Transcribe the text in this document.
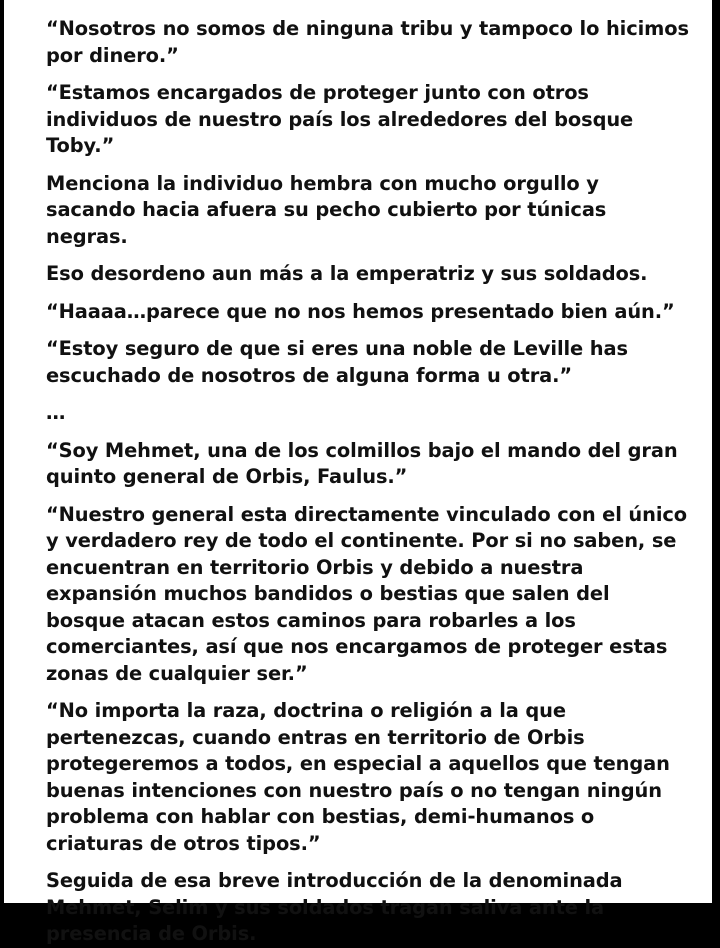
“Nosotros no somos de ninguna tribu y tampoco lo hicimos por dinero.”

“Estamos encargados de proteger junto con otros individuos de nuestro país los alrededores del bosque Toby.”

Menciona la individuo hembra con mucho orgullo y sacando hacia afuera su pecho cubierto por túnicas negras.

Eso desordeno aun más a la emperatriz y sus soldados.

“Haaaa…parece que no nos hemos presentado bien aún.”

“Estoy seguro de que si eres una noble de Leville has escuchado de nosotros de alguna forma u otra.”

…

“Soy Mehmet, una de los colmillos bajo el mando del gran quinto general de Orbis, Faulus.”

“Nuestro general esta directamente vinculado con el único y verdadero rey de todo el continente. Por si no saben, se encuentran en territorio Orbis y debido a nuestra expansión muchos bandidos o bestias que salen del bosque atacan estos caminos para robarles a los comerciantes, así que nos encargamos de proteger estas zonas de cualquier ser.”

“No importa la raza, doctrina o religión a la que pertenezcas, cuando entras en territorio de Orbis protegeremos a todos, en especial a aquellos que tengan buenas intenciones con nuestro país o no tengan ningún problema con hablar con bestias, demi-humanos o criaturas de otros tipos.”

Seguida de esa breve introducción de la denominada Mehmet, Selim y sus soldados tragan saliva ante la presencia de Orbis.
